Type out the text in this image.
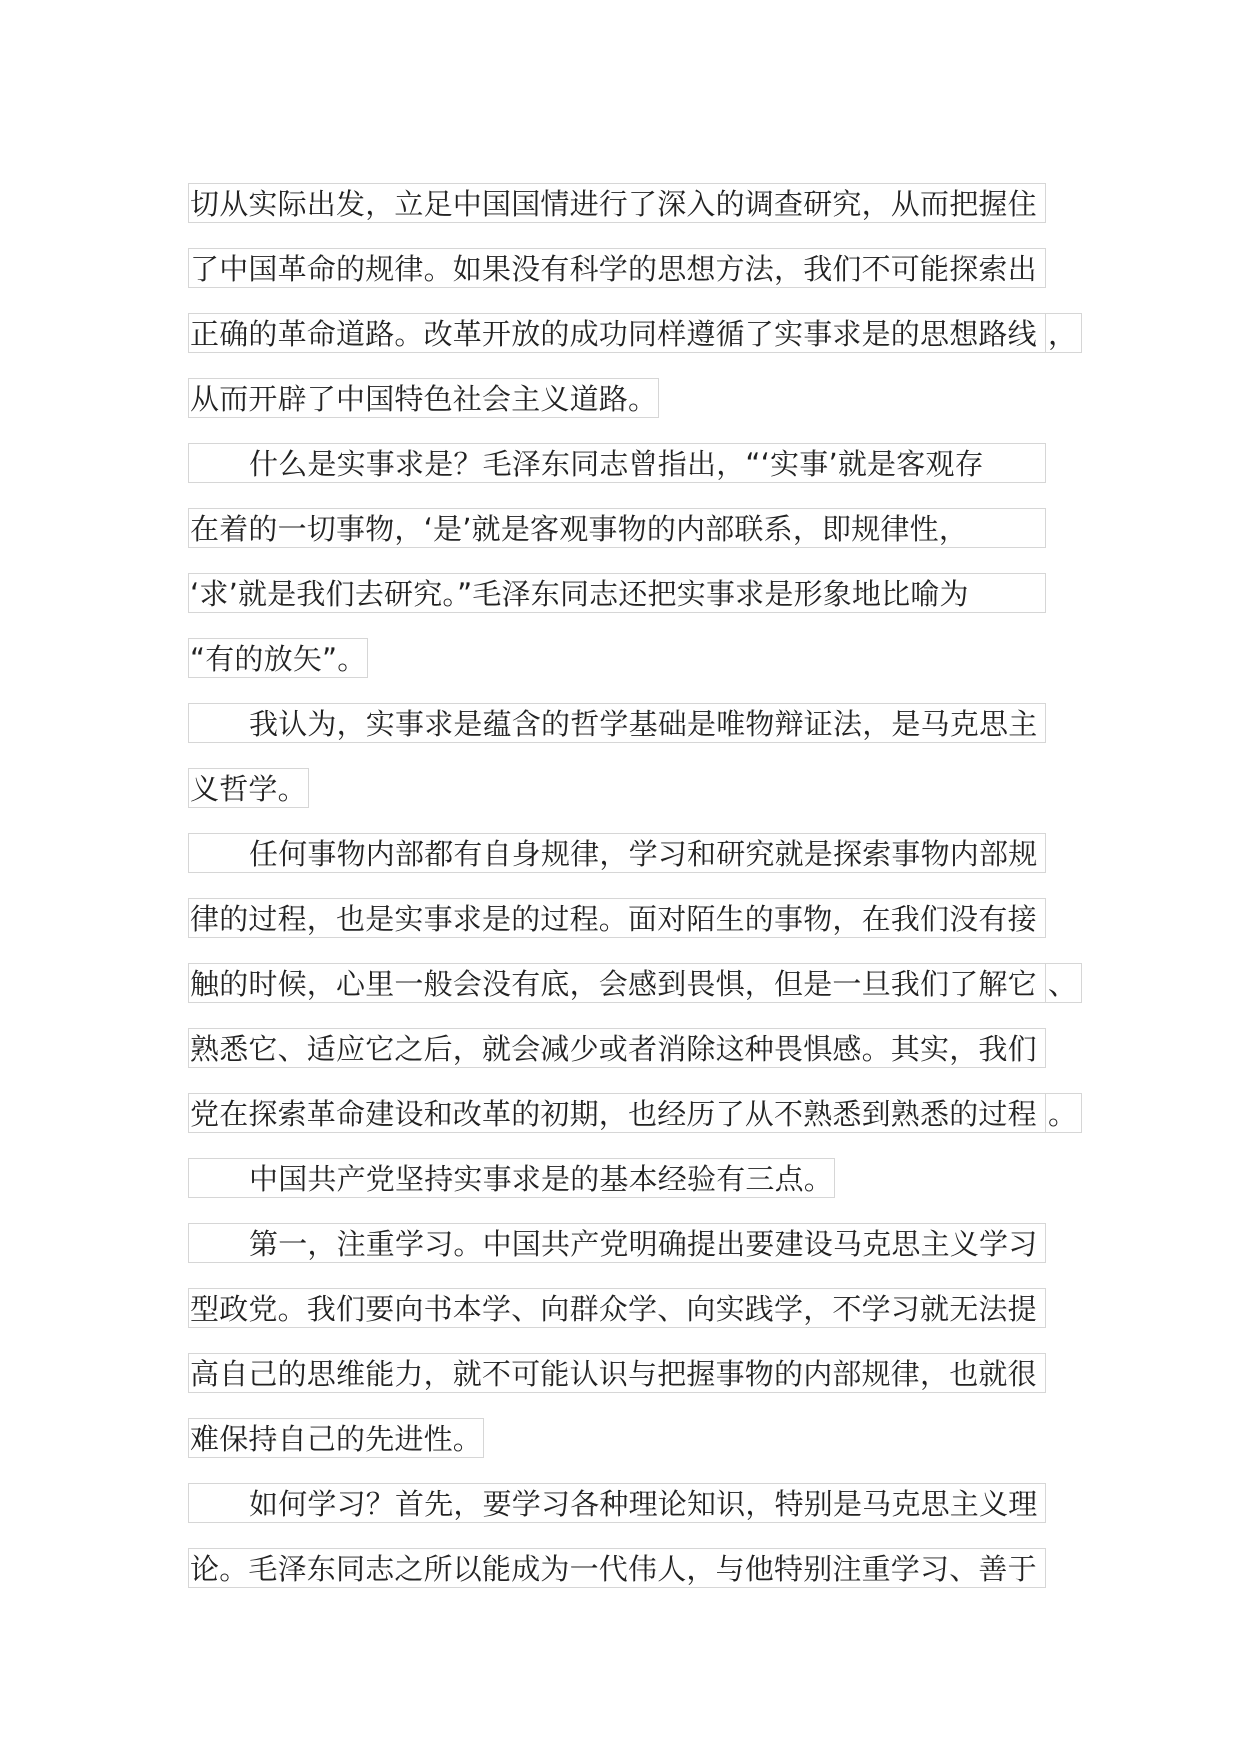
切从实际出发，立足中国国情进行了深入的调查研究，从而把握住
了中国革命的规律。如果没有科学的思想方法，我们不可能探索出
正确的革命道路。改革开放的成功同样遵循了实事求是的思想路线 ，
从而开辟了中国特色社会主义道路。
什么是实事求是？毛泽东同志曾指出，“‘实事’就是客观存
在着的一切事物，‘是’就是客观事物的内部联系，即规律性，
‘求’就是我们去研究。”毛泽东同志还把实事求是形象地比喻为
“有的放矢”。
我认为，实事求是蕴含的哲学基础是唯物辩证法，是马克思主
义哲学。
任何事物内部都有自身规律，学习和研究就是探索事物内部规
律的过程，也是实事求是的过程。面对陌生的事物，在我们没有接
触的时候，心里一般会没有底，会感到畏惧，但是一旦我们了解它 、
熟悉它、适应它之后，就会减少或者消除这种畏惧感。其实，我们
党在探索革命建设和改革的初期，也经历了从不熟悉到熟悉的过程 。
中国共产党坚持实事求是的基本经验有三点。
第一，注重学习。中国共产党明确提出要建设马克思主义学习
型政党。我们要向书本学、向群众学、向实践学，不学习就无法提
高自己的思维能力，就不可能认识与把握事物的内部规律，也就很
难保持自己的先进性。
如何学习？首先，要学习各种理论知识，特别是马克思主义理
论。毛泽东同志之所以能成为一代伟人，与他特别注重学习、善于
